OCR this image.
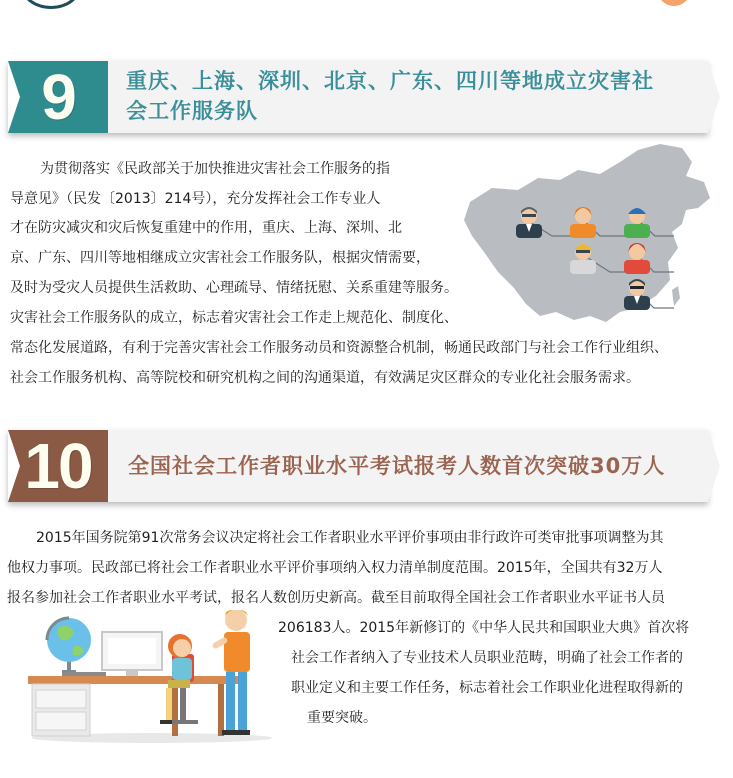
9 重庆、上海、深圳、北京、广东、四川等地成立灾害社
会工作服务队
为贯彻落实《民政部关于加快推进灾害社会工作服务的指
导意见》（民发〔2013〕214号），充分发挥社会工作专业人
才在防灾减灾和灾后恢复重建中的作用，重庆、上海、深圳、北
京、广东、四川等地相继成立灾害社会工作服务队，根据灾情需要，
及时为受灾人员提供生活救助、心理疏导、情绪抚慰、关系重建等服务。
灾害社会工作服务队的成立，标志着灾害社会工作走上规范化、制度化、
常态化发展道路，有利于完善灾害社会工作服务动员和资源整合机制，畅通民政部门与社会工作行业组织、
社会工作服务机构、高等院校和研究机构之间的沟通渠道，有效满足灾区群众的专业化社会服务需求。
10 全国社会工作者职业水平考试报考人数首次突破30万人
2015年国务院第91次常务会议决定将社会工作者职业水平评价事项由非行政许可类审批事项调整为其
他权力事项。民政部已将社会工作者职业水平评价事项纳入权力清单制度范围。2015年，全国共有32万人
报名参加社会工作者职业水平考试，报名人数创历史新高。截至目前取得全国社会工作者职业水平证书人员
206183人。2015年新修订的《中华人民共和国职业大典》首次将
社会工作者纳入了专业技术人员职业范畴，明确了社会工作者的
职业定义和主要工作任务，标志着社会工作职业化进程取得新的
重要突破。
